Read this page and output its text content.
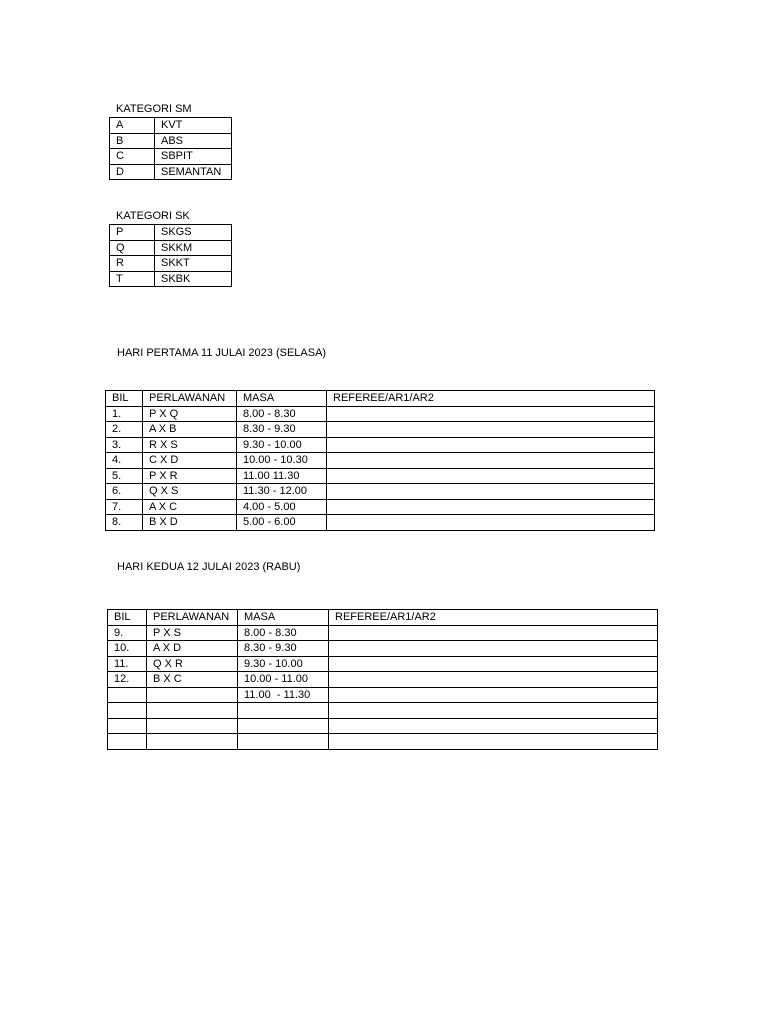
KATEGORI SM
A	KVT
B	ABS
C	SBPIT
D	SEMANTAN
KATEGORI SK
P	SKGS
Q	SKKM
R	SKKT
T	SKBK
HARI PERTAMA 11 JULAI 2023 (SELASA)
BIL	PERLAWANAN	MASA	REFEREE/AR1/AR2
1.	P X Q	8.00 - 8.30	
2.	A X B	8.30 - 9.30	
3.	R X S	9.30 - 10.00	
4.	C X D	10.00 - 10.30	
5.	P X R	11.00 11.30	
6.	Q X S	11.30 - 12.00	
7.	A X C	4.00 - 5.00	
8.	B X D	5.00 - 6.00	
HARI KEDUA 12 JULAI 2023 (RABU)
BIL	PERLAWANAN	MASA	REFEREE/AR1/AR2
9.	P X S	8.00 - 8.30	
10.	A X D	8.30 - 9.30	
11.	Q X R	9.30 - 10.00	
12.	B X C	10.00 - 11.00	
		11.00  - 11.30	
